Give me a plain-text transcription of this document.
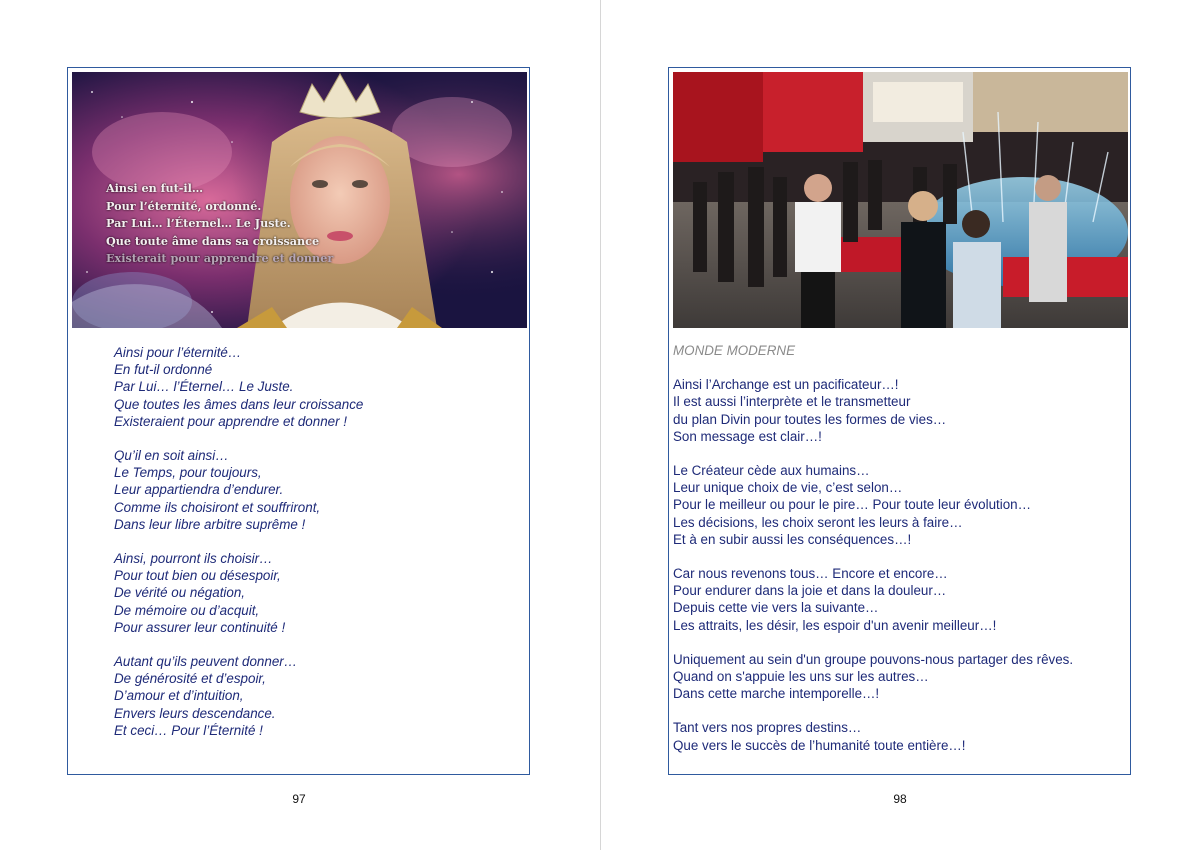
Ainsi en fut-il…
Pour l’éternité, ordonné.
Par Lui… l’Éternel… Le Juste.
Que toute âme dans sa croissance
Existerait pour apprendre et donner
Ainsi pour l’éternité…
En fut-il ordonné
Par Lui… l’Éternel… Le Juste.
Que toutes les âmes dans leur croissance
Existeraient pour apprendre et donner !
Qu’il en soit ainsi…
Le Temps, pour toujours,
Leur appartiendra d’endurer.
Comme ils choisiront et souffriront,
Dans leur libre arbitre suprême !
Ainsi, pourront ils choisir…
Pour tout bien ou désespoir,
De vérité ou négation,
De mémoire ou d’acquit,
Pour assurer leur continuité !
Autant qu’ils peuvent donner…
De générosité et d’espoir,
D’amour et d’intuition,
Envers leurs descendance.
Et ceci… Pour l’Éternité !
97
MONDE MODERNE
Ainsi l’Archange est un pacificateur…!
Il est aussi l’interprète et le transmetteur
du plan Divin pour toutes les formes de vies…
Son message est clair…!
Le Créateur cède aux humains…
Leur unique choix de vie, c’est selon…
Pour le meilleur ou pour le pire… Pour toute leur évolution…
Les décisions, les choix seront les leurs à faire…
Et à en subir aussi les conséquences…!
Car nous revenons tous… Encore et encore…
Pour endurer dans la joie et dans la douleur…
Depuis cette vie vers la suivante…
Les attraits, les désir, les espoir d'un avenir meilleur…!
Uniquement au sein d'un groupe pouvons-nous partager des rêves.
Quand on s'appuie les uns sur les autres…
Dans cette marche intemporelle…!
Tant vers nos propres destins…
Que vers le succès de l’humanité toute entière…!
98
